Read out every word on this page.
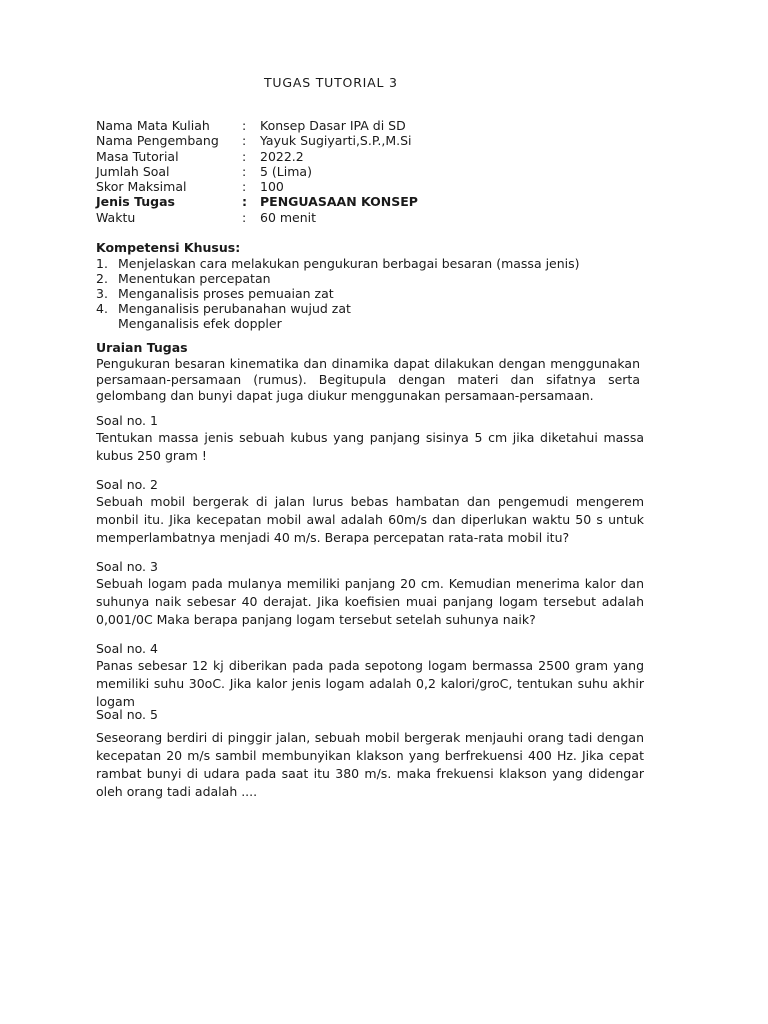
TUGAS TUTORIAL 3
Nama Mata Kuliah	:	Konsep Dasar IPA di SD
Nama Pengembang	:	Yayuk Sugiyarti,S.P.,M.Si
Masa Tutorial	:	2022.2
Jumlah Soal	:	5 (Lima)
Skor Maksimal	:	100
Jenis Tugas	:	PENGUASAAN KONSEP
Waktu	:	60 menit
Kompetensi Khusus:
1. Menjelaskan cara melakukan pengukuran berbagai besaran (massa jenis)
2. Menentukan percepatan
3. Menganalisis proses pemuaian zat
4. Menganalisis perubanahan wujud zat
Menganalisis efek doppler
Uraian Tugas
Pengukuran besaran kinematika dan dinamika dapat dilakukan dengan menggunakan persamaan-persamaan (rumus). Begitupula dengan materi dan sifatnya serta gelombang dan bunyi dapat juga diukur menggunakan persamaan-persamaan.
Soal no. 1
Tentukan massa jenis sebuah kubus yang panjang sisinya 5 cm jika diketahui massa kubus 250 gram !
Soal no. 2
Sebuah mobil bergerak di jalan lurus bebas hambatan dan pengemudi mengerem monbil itu. Jika kecepatan mobil awal adalah 60m/s dan diperlukan waktu 50 s untuk memperlambatnya menjadi 40 m/s. Berapa percepatan rata-rata mobil itu?
Soal no. 3
Sebuah logam pada mulanya memiliki panjang 20 cm. Kemudian menerima kalor dan suhunya naik sebesar 40 derajat. Jika koefisien muai panjang logam tersebut adalah 0,001/0C Maka berapa panjang logam tersebut setelah suhunya naik?
Soal no. 4
Panas sebesar 12 kj diberikan pada pada sepotong logam bermassa 2500 gram yang memiliki suhu 30oC. Jika kalor jenis logam adalah 0,2 kalori/groC, tentukan suhu akhir logam
Soal no. 5
Seseorang berdiri di pinggir jalan, sebuah mobil bergerak menjauhi orang tadi dengan kecepatan 20 m/s sambil membunyikan klakson yang berfrekuensi 400 Hz. Jika cepat rambat bunyi di udara pada saat itu 380 m/s. maka frekuensi klakson yang didengar oleh orang tadi adalah ....
